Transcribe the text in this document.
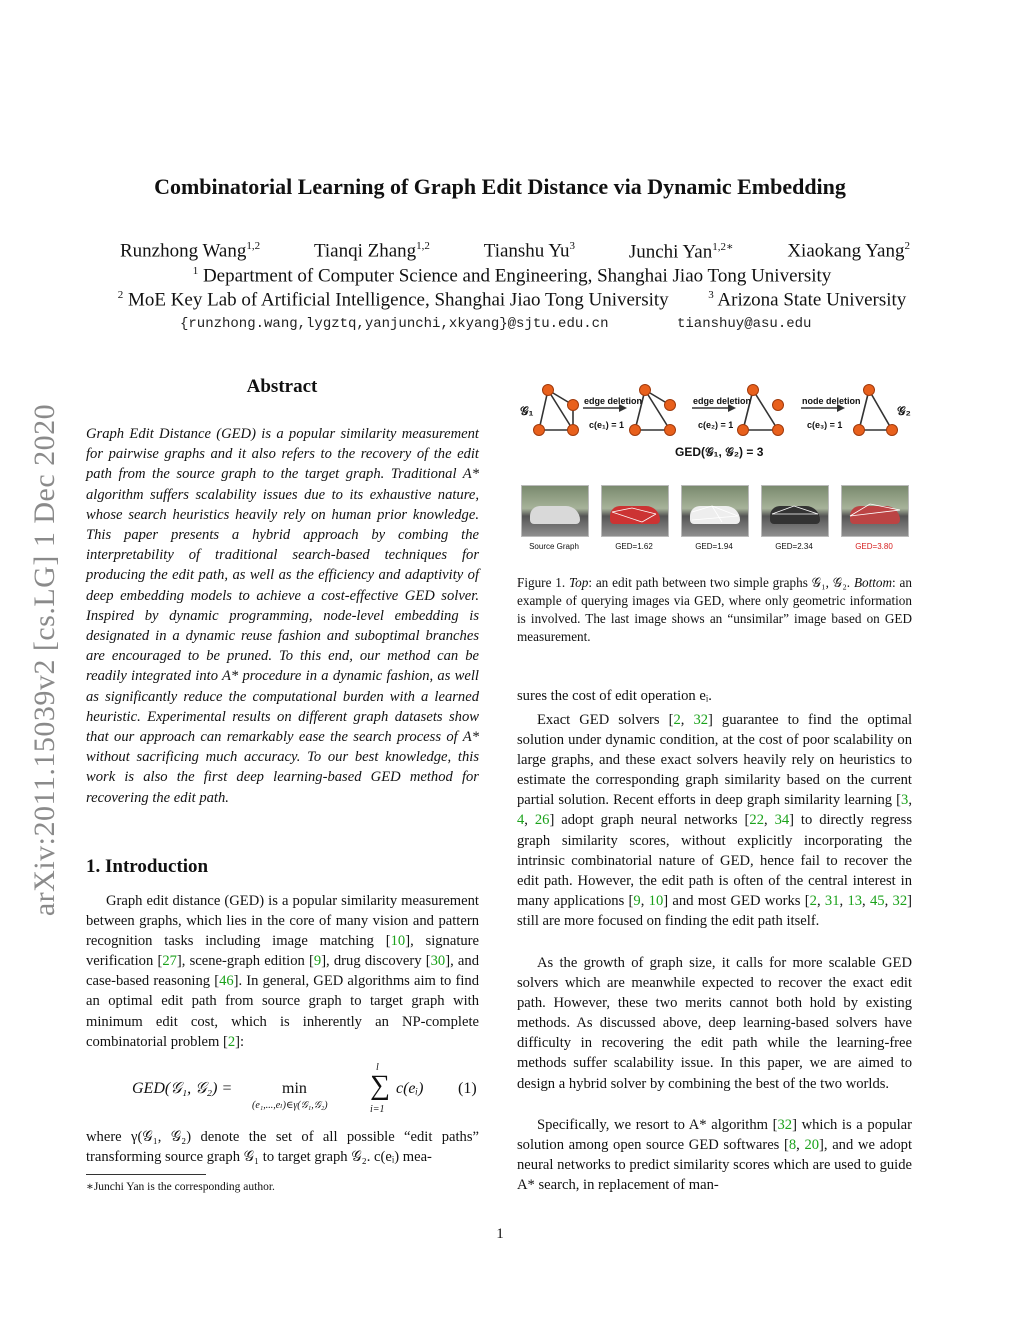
arXiv:2011.15039v2 [cs.LG] 1 Dec 2020
Combinatorial Learning of Graph Edit Distance via Dynamic Embedding
Runzhong Wang$^{1,2}$	Tianqi Zhang$^{1,2}$	Tianshu Yu$^3$	Junchi Yan$^{1,2∗}$	Xiaokang Yang$^2$
$^1$ Department of Computer Science and Engineering, Shanghai Jiao Tong University
$^2$ MoE Key Lab of Artificial Intelligence, Shanghai Jiao Tong University	$^3$ Arizona State University
{runzhong.wang,lygztq,yanjunchi,xkyang}@sjtu.edu.cn	tianshuy@asu.edu
Abstract
Graph Edit Distance (GED) is a popular similarity measurement for pairwise graphs and it also refers to the recovery of the edit path from the source graph to the target graph. Traditional A* algorithm suffers scalability issues due to its exhaustive nature, whose search heuristics heavily rely on human prior knowledge. This paper presents a hybrid approach by combing the interpretability of traditional search-based techniques for producing the edit path, as well as the efficiency and adaptivity of deep embedding models to achieve a cost-effective GED solver. Inspired by dynamic programming, node-level embedding is designated in a dynamic reuse fashion and suboptimal branches are encouraged to be pruned. To this end, our method can be readily integrated into A* procedure in a dynamic fashion, as well as significantly reduce the computational burden with a learned heuristic. Experimental results on different graph datasets show that our approach can remarkably ease the search process of A* without sacrificing much accuracy. To our best knowledge, this work is also the first deep learning-based GED method for recovering the edit path.
1. Introduction
Graph edit distance (GED) is a popular similarity measurement between graphs, which lies in the core of many vision and pattern recognition tasks including image matching [10], signature verification [27], scene-graph edition [9], drug discovery [30], and case-based reasoning [46]. In general, GED algorithms aim to find an optimal edit path from source graph to target graph with minimum edit cost, which is inherently an NP-complete combinatorial problem [2]:
GED(𝒢₁, 𝒢₂) =	min
(e₁,...,eₗ)∈γ(𝒢₁,𝒢₂)
l
∑
i=1
c(eᵢ) (1)
where γ(𝒢₁, 𝒢₂) denote the set of all possible “edit paths” transforming source graph 𝒢₁ to target graph 𝒢₂. c(eᵢ) mea-
∗Junchi Yan is the corresponding author.
1
𝒢₁	𝒢₂
edge deletion
c(e₁) = 1
edge deletion
c(e₂) = 1
node deletion
c(e₃) = 1
GED(𝒢₁, 𝒢₂) = 3
Source Graph	GED=1.62	GED=1.94	GED=2.34	GED=3.80
Figure 1. Top: an edit path between two simple graphs 𝒢₁, 𝒢₂. Bottom: an example of querying images via GED, where only geometric information is involved. The last image shows an “unsimilar” image based on GED measurement.
sures the cost of edit operation eᵢ.
Exact GED solvers [2, 32] guarantee to find the optimal solution under dynamic condition, at the cost of poor scalability on large graphs, and these exact solvers heavily rely on heuristics to estimate the corresponding graph similarity based on the current partial solution. Recent efforts in deep graph similarity learning [3, 4, 26] adopt graph neural networks [22, 34] to directly regress graph similarity scores, without explicitly incorporating the intrinsic combinatorial nature of GED, hence fail to recover the edit path. However, the edit path is often of the central interest in many applications [9, 10] and most GED works [2, 31, 13, 45, 32] still are more focused on finding the edit path itself.
As the growth of graph size, it calls for more scalable GED solvers which are meanwhile expected to recover the exact edit path. However, these two merits cannot both hold by existing methods. As discussed above, deep learning-based solvers have difficulty in recovering the edit path while the learning-free methods suffer scalability issue. In this paper, we are aimed to design a hybrid solver by combining the best of the two worlds.
Specifically, we resort to A* algorithm [32] which is a popular solution among open source GED softwares [8, 20], and we adopt neural networks to predict similarity scores which are used to guide A* search, in replacement of man-
